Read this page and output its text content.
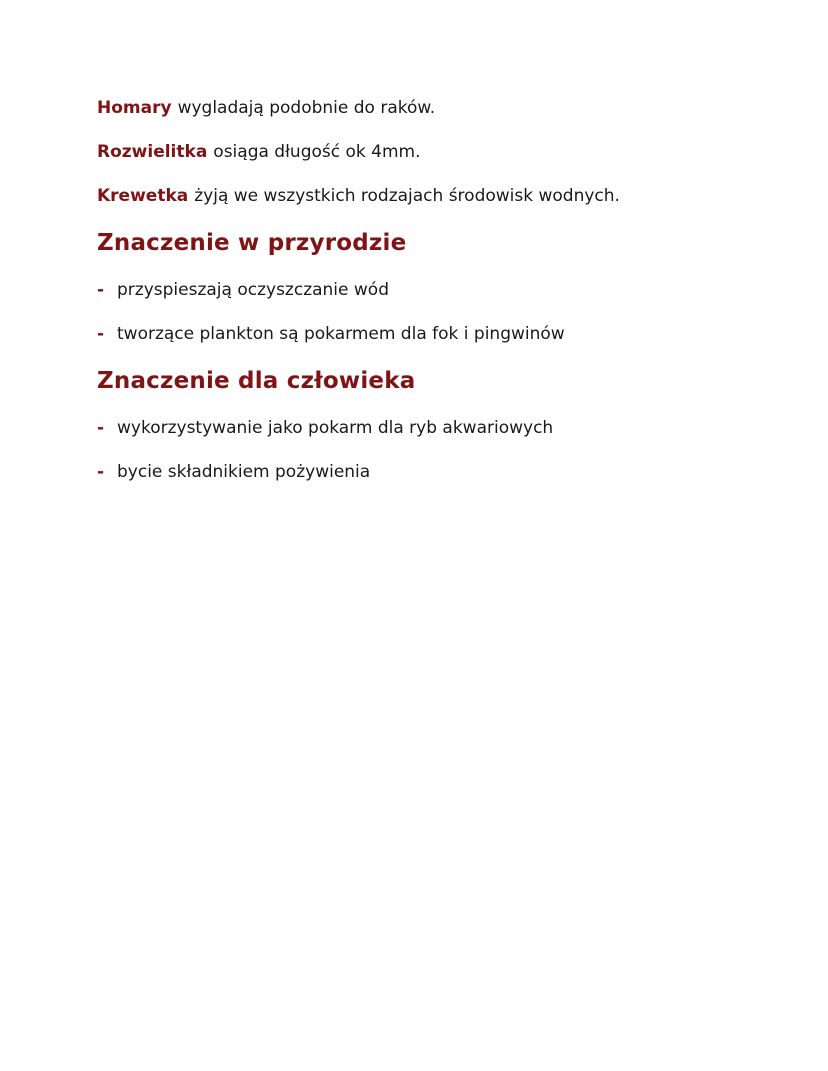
Homary wygladają podobnie do raków.

Rozwielitka osiąga długość ok 4mm.

Krewetka żyją we wszystkich rodzajach środowisk wodnych.

Znaczenie w przyrodzie

- przyspieszają oczyszczanie wód

- tworzące plankton są pokarmem dla fok i pingwinów

Znaczenie dla człowieka

- wykorzystywanie jako pokarm dla ryb akwariowych

- bycie składnikiem pożywienia
